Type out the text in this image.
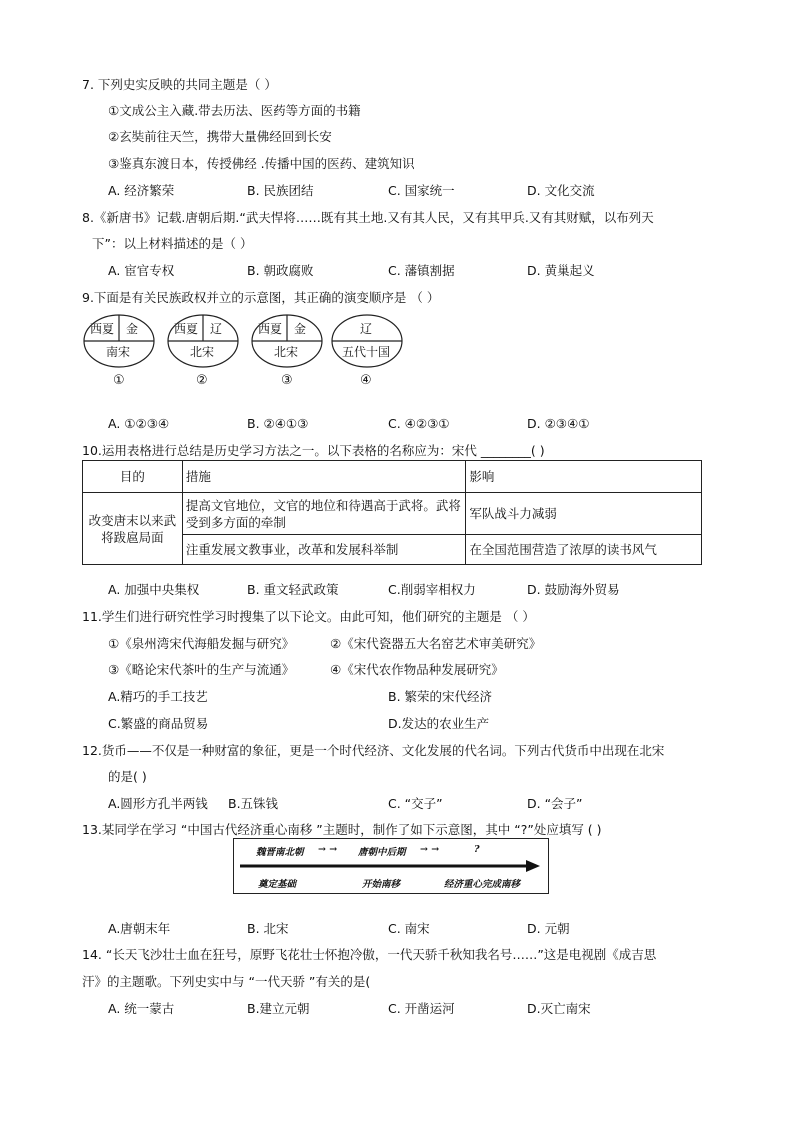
7. 下列史实反映的共同主题是（ ）
①文成公主入藏.带去历法、医药等方面的书籍
②玄奘前往天竺，携带大量佛经回到长安
③鉴真东渡日本，传授佛经 .传播中国的医药、建筑知识
A. 经济繁荣	B. 民族团结	C. 国家统一	D. 文化交流
8.《新唐书》记载.唐朝后期.“武夫悍将……既有其土地.又有其人民，又有其甲兵.又有其财赋，以布列天
下”：以上材料描述的是（ ）
A. 宦官专权	B. 朝政腐败	C. 藩镇割据	D. 黄巢起义
9.下面是有关民族政权并立的示意图，其正确的演变顺序是 （ ）
西夏 金
南宋
①
西夏 辽
北宋
②
西夏 金
北宋
③
辽
五代十国
④
A. ①②③④	B. ②④①③	C. ④②③①	D. ②③④①
10.运用表格进行总结是历史学习方法之一。以下表格的名称应为：宋代 ________( )
目的	措施	影响
改变唐末以来武将跋扈局面	提高文官地位，文官的地位和待遇高于武将。武将受到多方面的牵制	军队战斗力减弱
	注重发展文教事业，改革和发展科举制	在全国范围营造了浓厚的读书风气
A. 加强中央集权	B. 重文轻武政策	C.削弱宰相权力	D. 鼓励海外贸易
11.学生们进行研究性学习时搜集了以下论文。由此可知，他们研究的主题是 （ ）
①《泉州湾宋代海船发掘与研究》	②《宋代瓷器五大名窑艺术审美研究》
③《略论宋代茶叶的生产与流通》	④《宋代农作物品种发展研究》
A.精巧的手工技艺	B. 繁荣的宋代经济
C.繁盛的商品贸易	D.发达的农业生产
12.货币——不仅是一种财富的象征，更是一个时代经济、文化发展的代名词。下列古代货币中出现在北宋
的是( )
A.圆形方孔半两钱 B.五铢钱	C. “交子”	D. “会子”
13.某同学在学习 “中国古代经济重心南移 ”主题时，制作了如下示意图，其中 “?”处应填写 ( )
魏晋南北朝 → → 唐朝中后期 → →	?
奠定基础	开始南移	经济重心完成南移
A.唐朝末年	B. 北宋	C. 南宋	D. 元朝
14. “长天飞沙壮士血在狂号，原野飞花壮士怀抱冷傲，一代天骄千秋知我名号……”这是电视剧《成吉思
汗》的主题歌。下列史实中与 “一代天骄 ”有关的是(
A. 统一蒙古	B.建立元朝	C. 开凿运河	D.灭亡南宋
